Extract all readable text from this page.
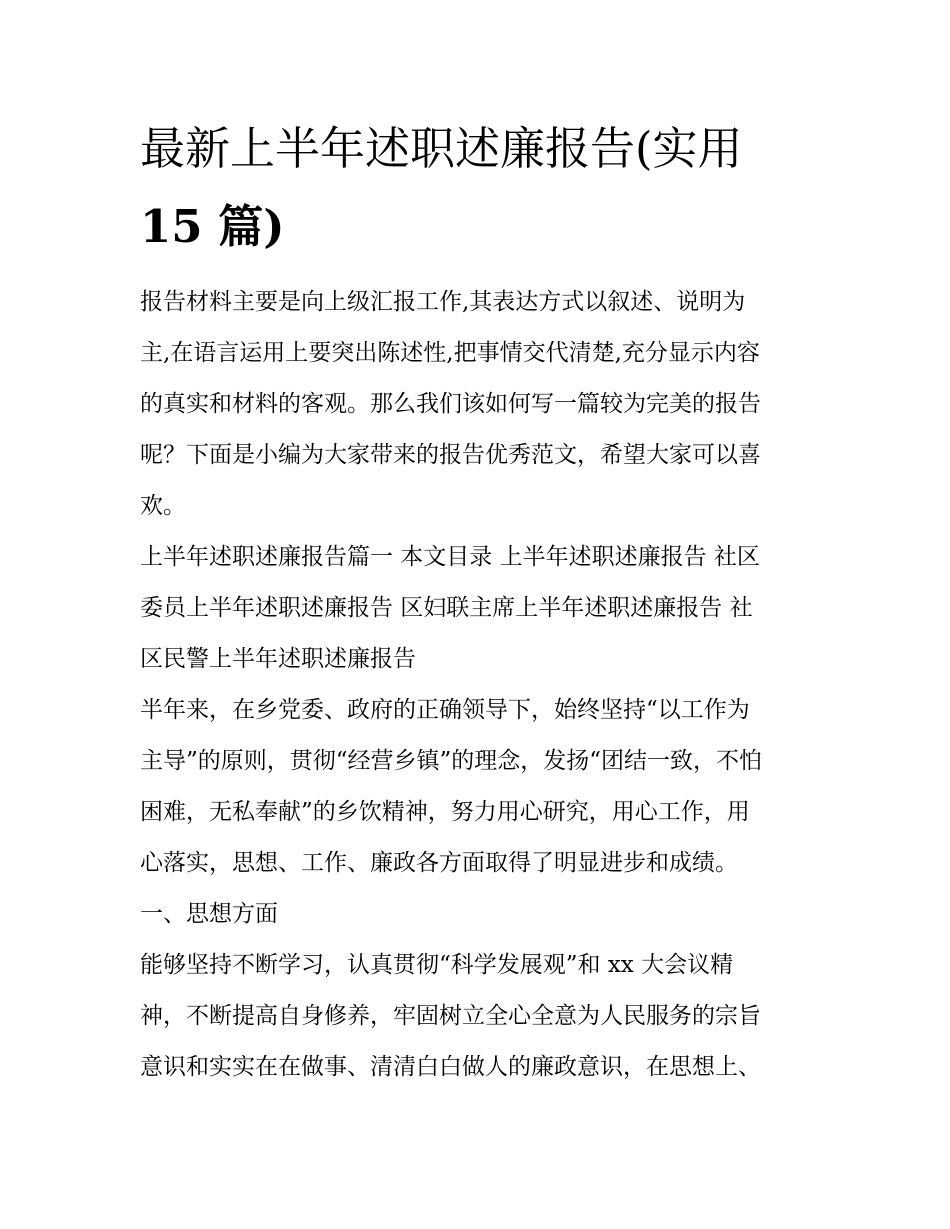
最新上半年述职述廉报告(实用
15 篇)
报告材料主要是向上级汇报工作,其表达方式以叙述、说明为
主,在语言运用上要突出陈述性,把事情交代清楚,充分显示内容
的真实和材料的客观。那么我们该如何写一篇较为完美的报告
呢？下面是小编为大家带来的报告优秀范文，希望大家可以喜
欢。
上半年述职述廉报告篇一 本文目录 上半年述职述廉报告 社区
委员上半年述职述廉报告 区妇联主席上半年述职述廉报告 社
区民警上半年述职述廉报告
半年来，在乡党委、政府的正确领导下，始终坚持“以工作为
主导”的原则，贯彻“经营乡镇”的理念，发扬“团结一致，不怕
困难，无私奉献”的乡饮精神，努力用心研究，用心工作，用
心落实，思想、工作、廉政各方面取得了明显进步和成绩。
一、思想方面
能够坚持不断学习，认真贯彻“科学发展观”和 xx 大会议精
神，不断提高自身修养，牢固树立全心全意为人民服务的宗旨
意识和实实在在做事、清清白白做人的廉政意识，在思想上、
